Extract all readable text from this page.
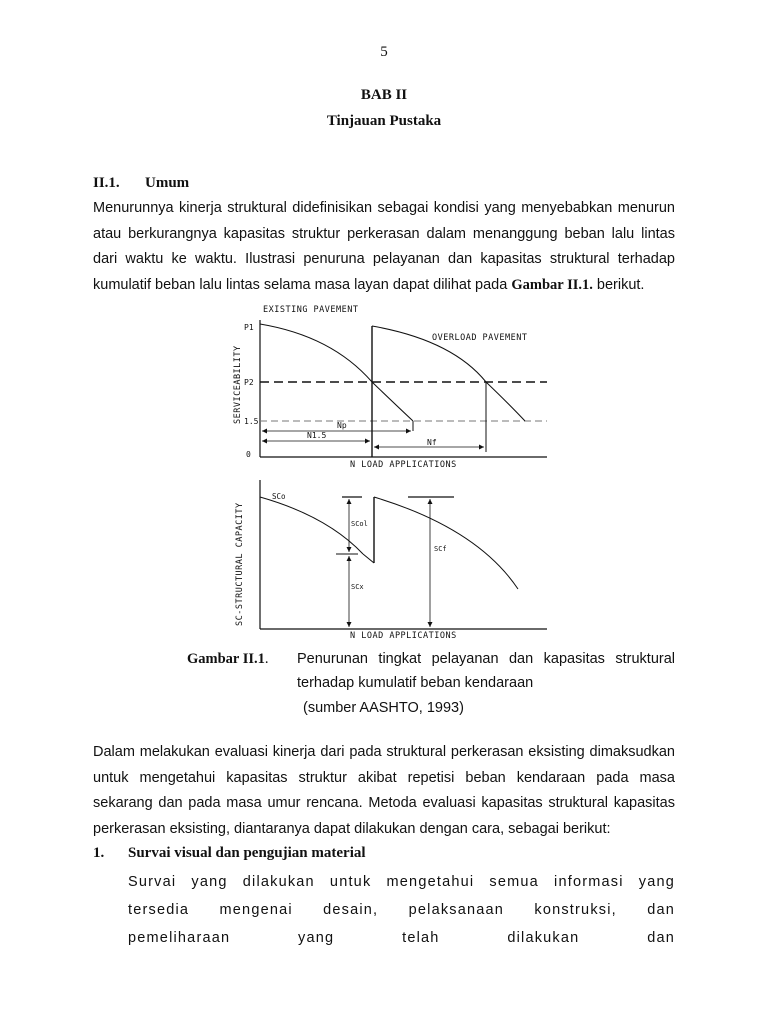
5
BAB II
Tinjauan Pustaka
II.1. Umum

Menurunnya kinerja struktural didefinisikan sebagai kondisi yang menyebabkan menurun atau berkurangnya kapasitas struktur perkerasan dalam menanggung beban lalu lintas dari waktu ke waktu. Ilustrasi penuruna pelayanan dan kapasitas struktural terhadap kumulatif beban lalu lintas selama masa layan dapat dilihat pada Gambar II.1. berikut.

EXISTING PAVEMENT
SERVICEABILITY
P1
P2
1.5
0
OVERLOAD PAVEMENT
Np
N1.5
Nf
N LOAD APPLICATIONS
SC-STRUCTURAL CAPACITY
SCo
SCol
SCx
SCf
N LOAD APPLICATIONS
Gambar II.1. Penurunan tingkat pelayanan dan kapasitas struktural terhadap kumulatif beban kendaraan
(sumber AASHTO, 1993)

Dalam melakukan evaluasi kinerja dari pada struktural perkerasan eksisting dimaksudkan untuk mengetahui kapasitas struktur akibat repetisi beban kendaraan pada masa sekarang dan pada masa umur rencana. Metoda evaluasi kapasitas struktural kapasitas perkerasan eksisting, diantaranya dapat dilakukan dengan cara, sebagai berikut:

1. Survai visual dan pengujian material

Survai yang dilakukan untuk mengetahui semua informasi yang tersedia mengenai desain, pelaksanaan konstruksi, dan pemeliharaan yang telah dilakukan dan
